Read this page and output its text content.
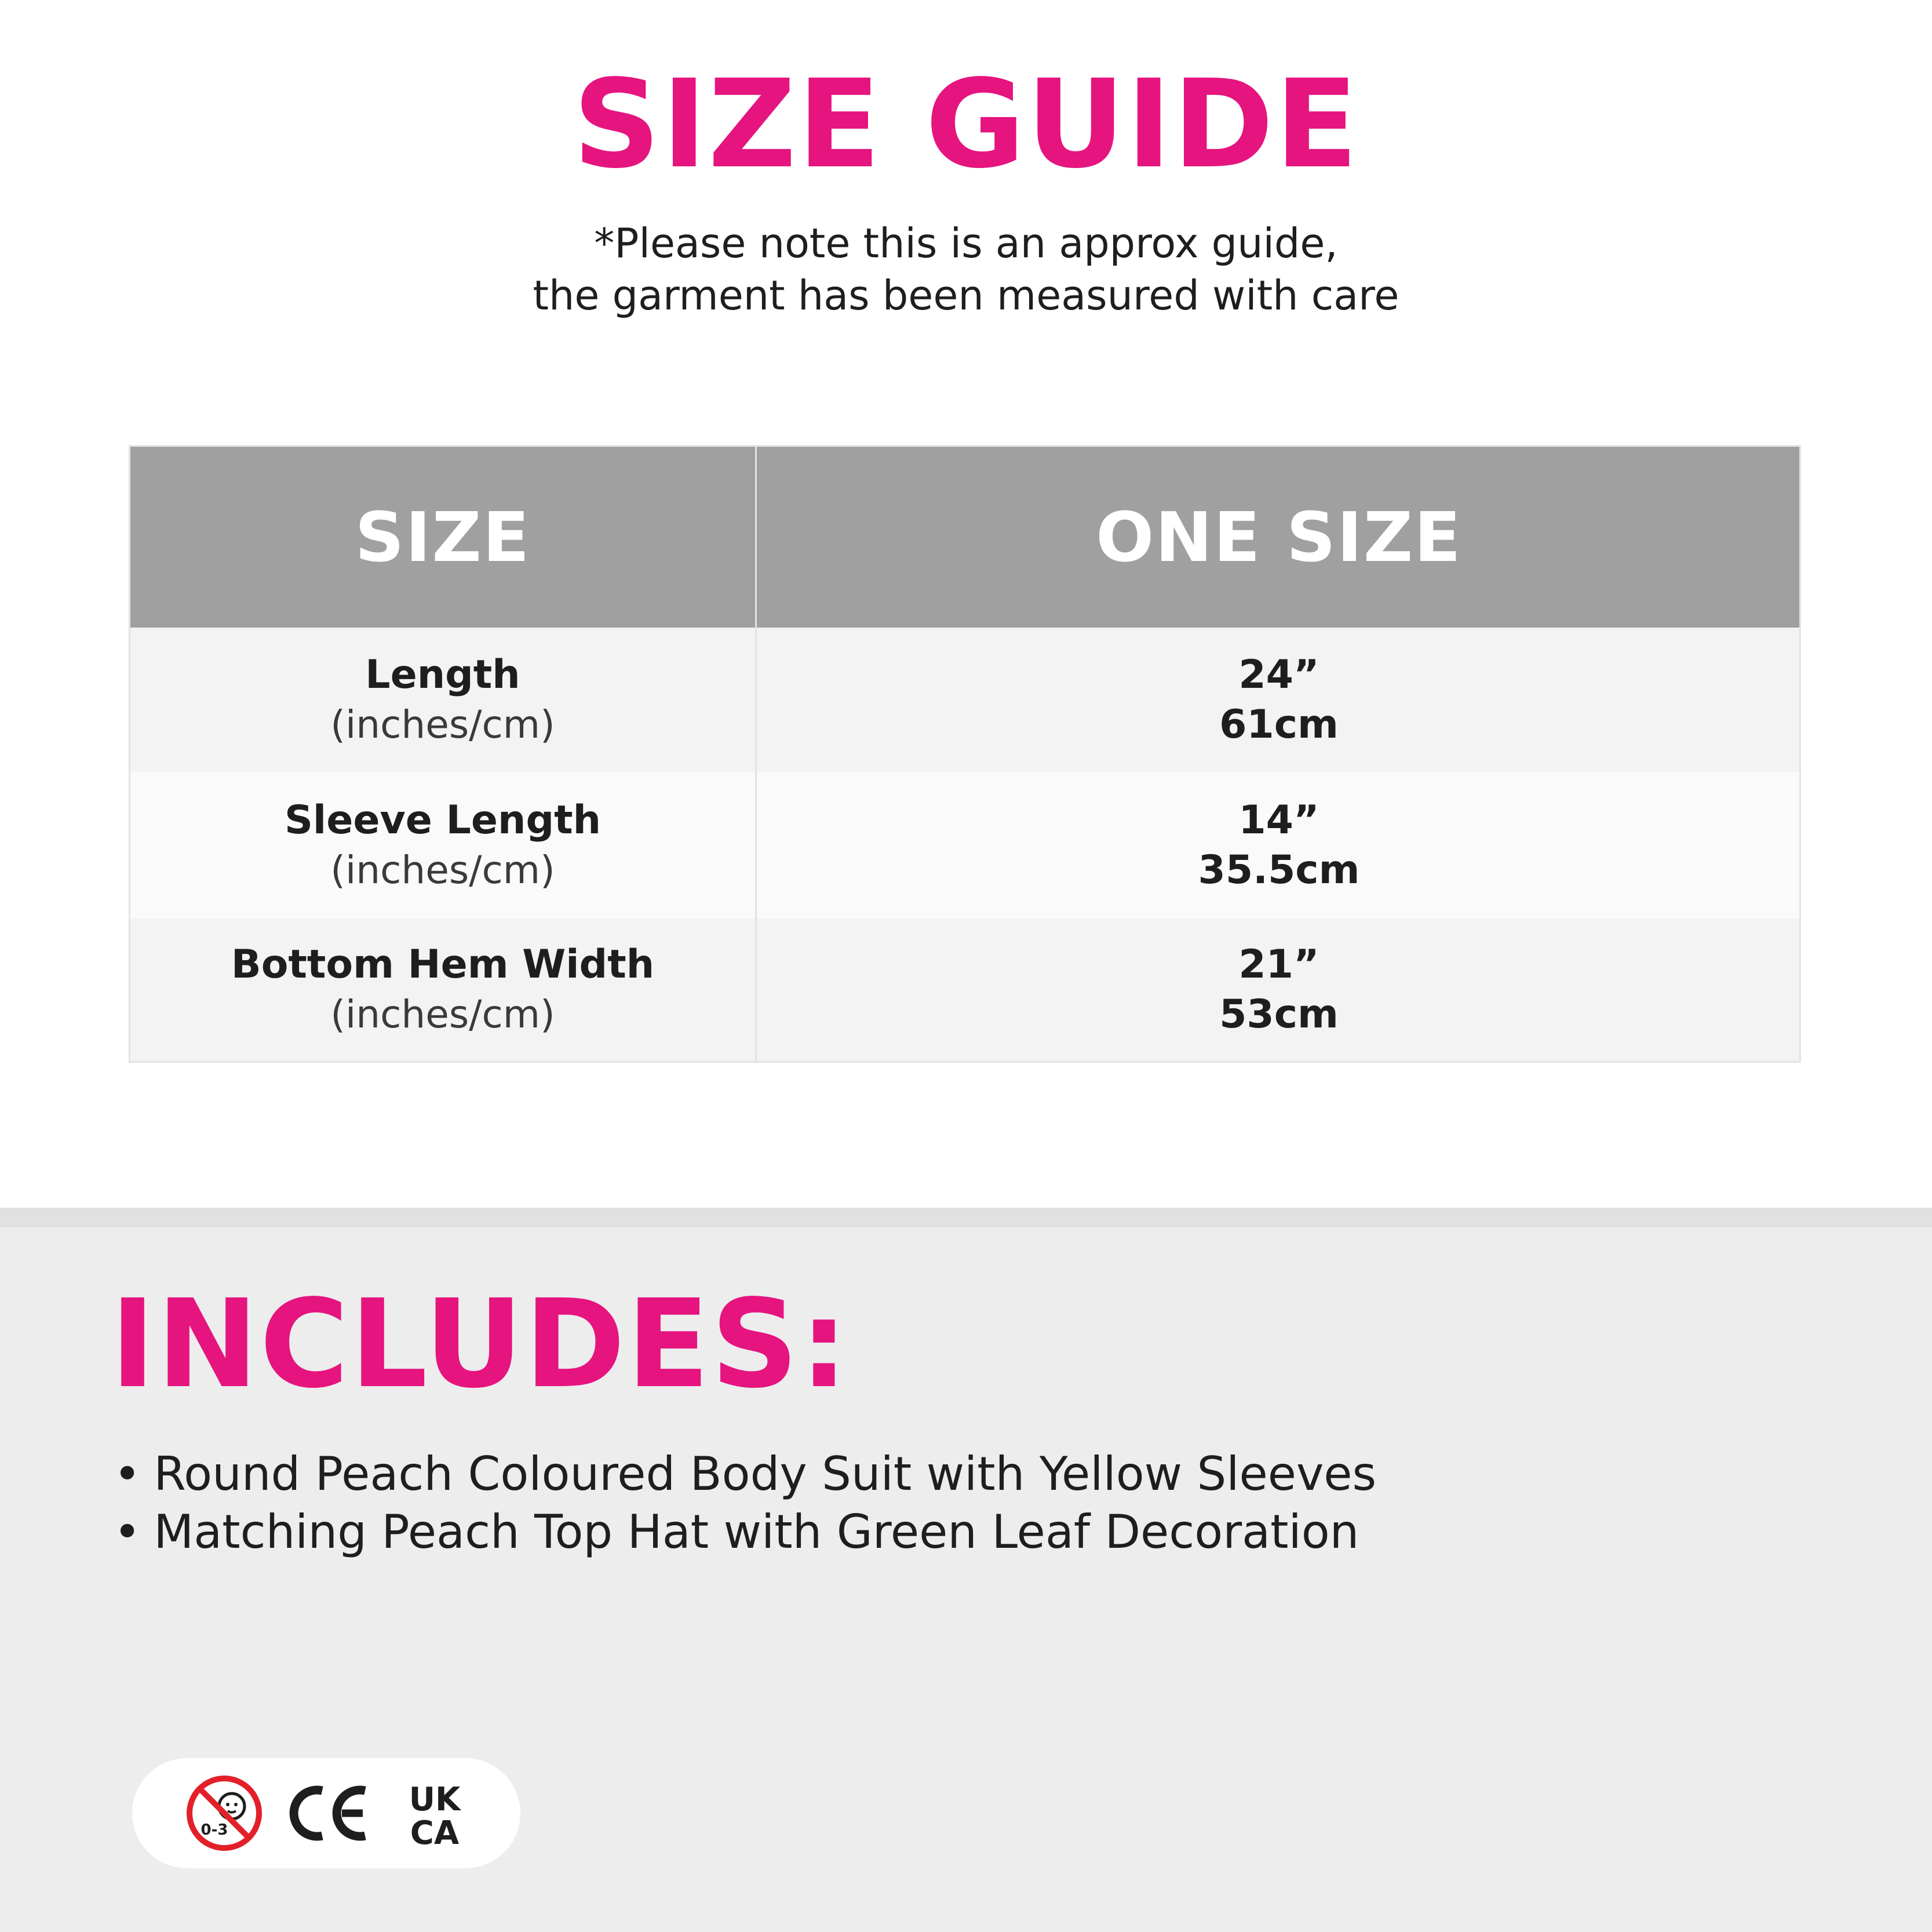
SIZE GUIDE
*Please note this is an approx guide,
the garment has been measured with care
SIZE	ONE SIZE
Length
(inches/cm)
24”
61cm
Sleeve Length
(inches/cm)
14”
35.5cm
Bottom Hem Width
(inches/cm)
21”
53cm
INCLUDES:
• Round Peach Coloured Body Suit with Yellow Sleeves
• Matching Peach Top Hat with Green Leaf Decoration
0-3
UK
CA
